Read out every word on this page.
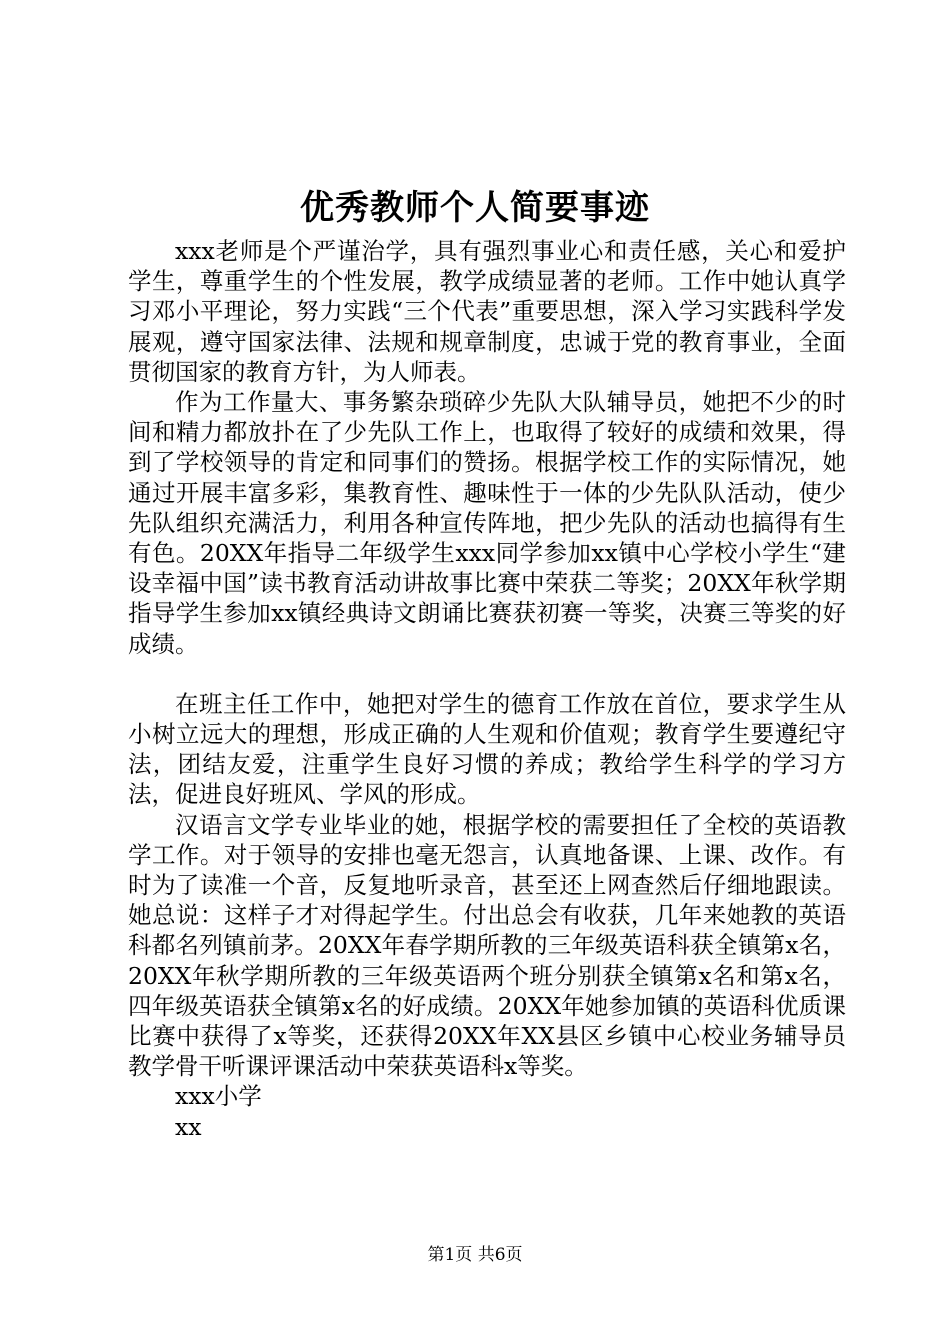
优秀教师个人简要事迹

xxx老师是个严谨治学，具有强烈事业心和责任感，关心和爱护学生，尊重学生的个性发展，教学成绩显著的老师。工作中她认真学习邓小平理论，努力实践“三个代表”重要思想，深入学习实践科学发展观，遵守国家法律、法规和规章制度，忠诚于党的教育事业，全面贯彻国家的教育方针，为人师表。

作为工作量大、事务繁杂琐碎少先队大队辅导员，她把不少的时间和精力都放扑在了少先队工作上，也取得了较好的成绩和效果，得到了学校领导的肯定和同事们的赞扬。根据学校工作的实际情况，她通过开展丰富多彩，集教育性、趣味性于一体的少先队队活动，使少先队组织充满活力，利用各种宣传阵地，把少先队的活动也搞得有生有色。20XX年指导二年级学生xxx同学参加xx镇中心学校小学生“建设幸福中国”读书教育活动讲故事比赛中荣获二等奖；20XX年秋学期指导学生参加xx镇经典诗文朗诵比赛获初赛一等奖，决赛三等奖的好成绩。

在班主任工作中，她把对学生的德育工作放在首位，要求学生从小树立远大的理想，形成正确的人生观和价值观；教育学生要遵纪守法，团结友爱，注重学生良好习惯的养成；教给学生科学的学习方法，促进良好班风、学风的形成。

汉语言文学专业毕业的她，根据学校的需要担任了全校的英语教学工作。对于领导的安排也毫无怨言，认真地备课、上课、改作。有时为了读准一个音，反复地听录音，甚至还上网查然后仔细地跟读。她总说：这样子才对得起学生。付出总会有收获，几年来她教的英语科都名列镇前茅。20XX年春学期所教的三年级英语科获全镇第x名，20XX年秋学期所教的三年级英语两个班分别获全镇第x名和第x名，四年级英语获全镇第x名的好成绩。20XX年她参加镇的英语科优质课比赛中获得了x等奖，还获得20XX年XX县区乡镇中心校业务辅导员教学骨干听课评课活动中荣获英语科x等奖。

xxx小学

xx

第1页 共6页
